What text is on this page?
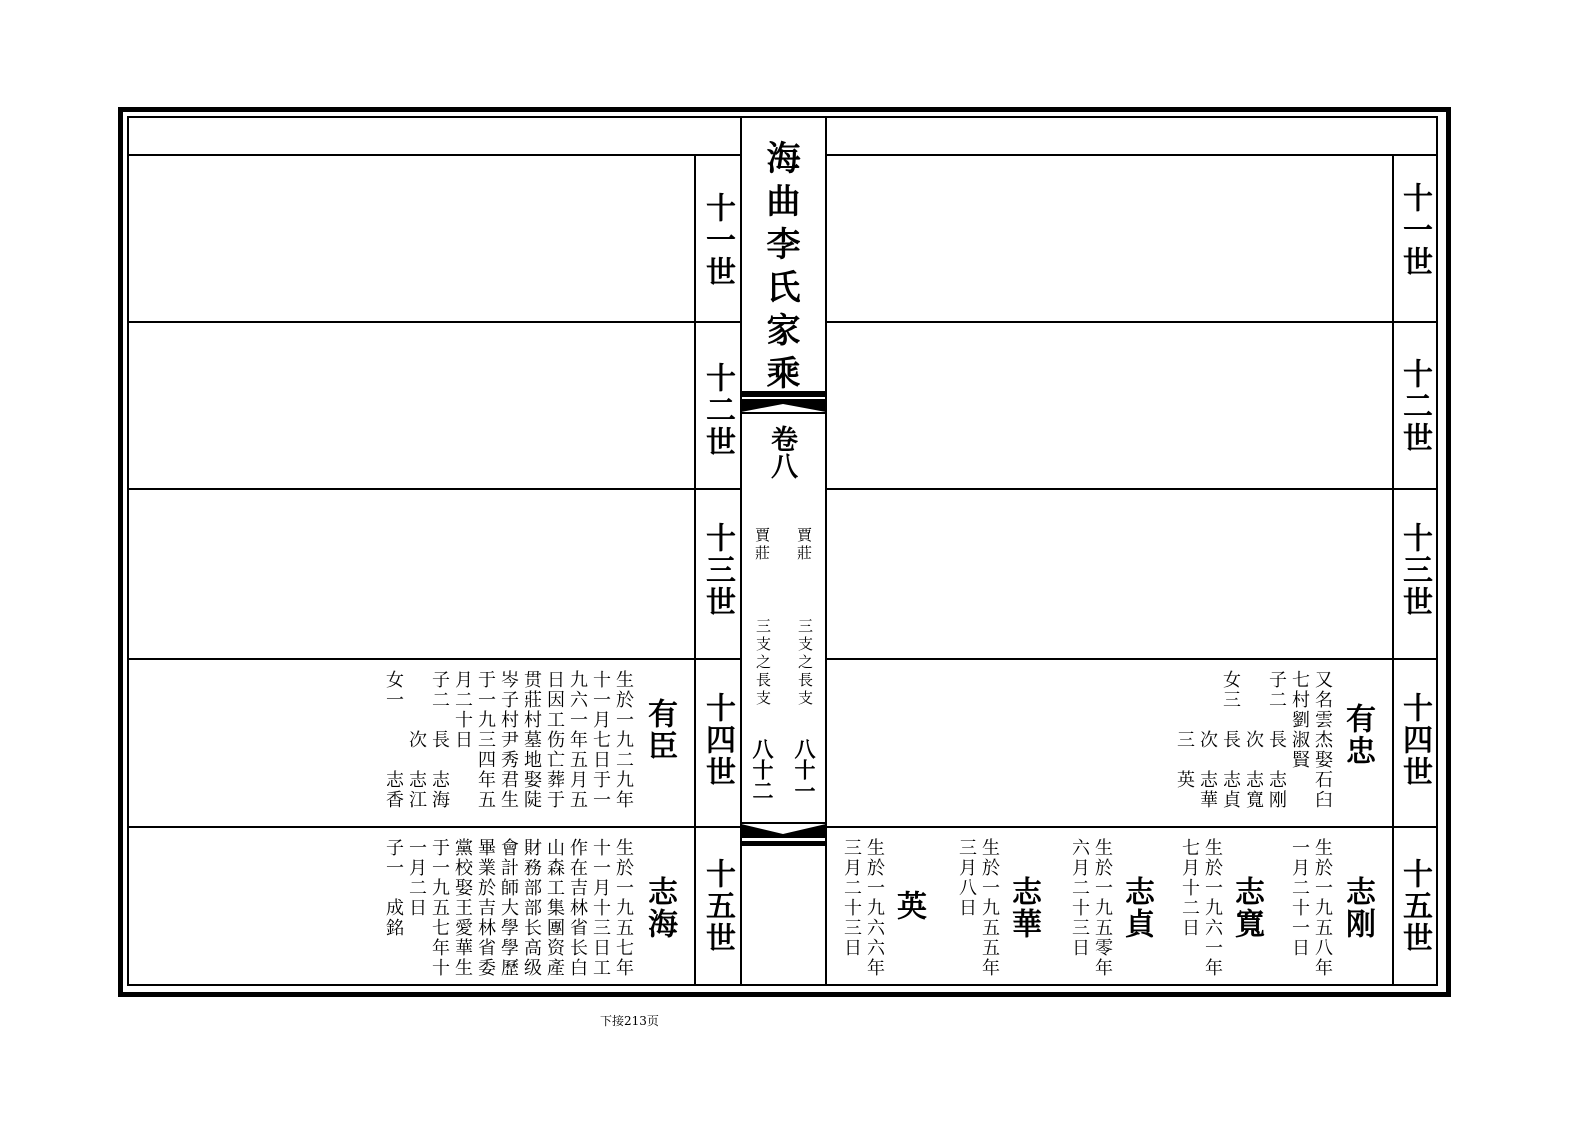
海曲李氏家乘
卷八
賈莊
賈莊
三支之長支
三支之長支
八十一
八十二
十一世
十二世
十三世
十四世
十五世
十一世
十二世
十三世
十四世
十五世
有臣
生於一九二九年
十一月七日于一
九六一年五月五
日因工伤亡葬于
贯莊村墓地娶陡
岑子村尹秀君生
于一九三四年五
月二十日
子二　長　志海
　　　次　志江
女一　　　志香
志海
生於一九五七年
十一月十三日工
作在吉林省长白
山森工集團资產
財務部部长高级
會計師大學學歷
畢業於吉林省委
黨校娶王愛華生
于一九五七年十
一月二日
子一　成銘
有忠
又名雲杰娶石臼
七村劉淑賢
子二　長　志刚
　　　次　志寬
女三　長　志貞
　　　次　志華
　　　三　英
志刚
生於一九五八年
一月二十一日
志寬
生於一九六一年
七月十二日
志貞
生於一九五零年
六月二十三日
志華
生於一九五五年
三月八日
英
生於一九六六年
三月二十三日
下接213页
